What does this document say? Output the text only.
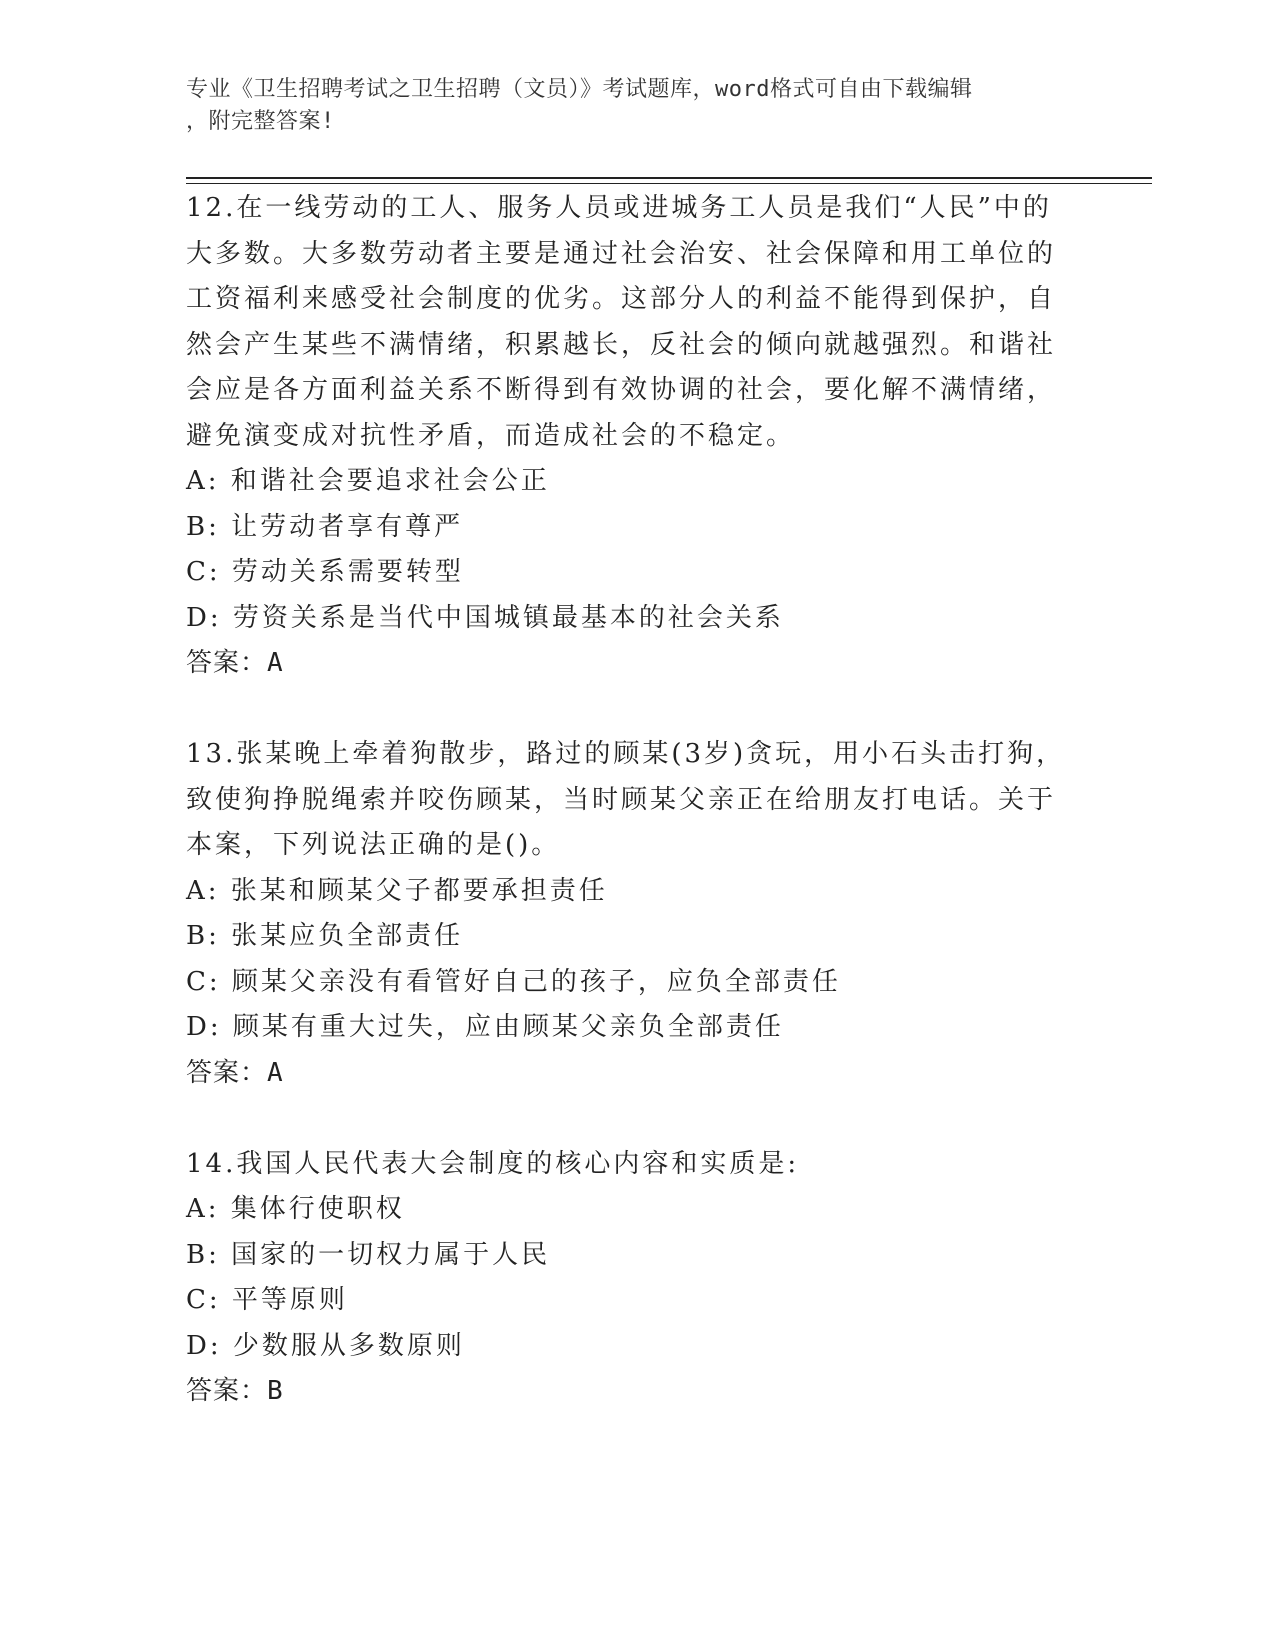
专业《卫生招聘考试之卫生招聘（文员）》考试题库，word格式可自由下载编辑
，附完整答案!

12.在一线劳动的工人、服务人员或进城务工人员是我们“人民”中的大多数。大多数劳动者主要是通过社会治安、社会保障和用工单位的工资福利来感受社会制度的优劣。这部分人的利益不能得到保护，自然会产生某些不满情绪，积累越长，反社会的倾向就越强烈。和谐社会应是各方面利益关系不断得到有效协调的社会，要化解不满情绪，避免演变成对抗性矛盾，而造成社会的不稳定。

A: 和谐社会要追求社会公正

B: 让劳动者享有尊严

C: 劳动关系需要转型

D: 劳资关系是当代中国城镇最基本的社会关系

答案：A

13.张某晚上牵着狗散步，路过的顾某(3岁)贪玩，用小石头击打狗，致使狗挣脱绳索并咬伤顾某，当时顾某父亲正在给朋友打电话。关于本案，下列说法正确的是()。

A: 张某和顾某父子都要承担责任

B: 张某应负全部责任

C: 顾某父亲没有看管好自己的孩子，应负全部责任

D: 顾某有重大过失，应由顾某父亲负全部责任

答案：A

14.我国人民代表大会制度的核心内容和实质是:

A: 集体行使职权

B: 国家的一切权力属于人民

C: 平等原则

D: 少数服从多数原则

答案：B
